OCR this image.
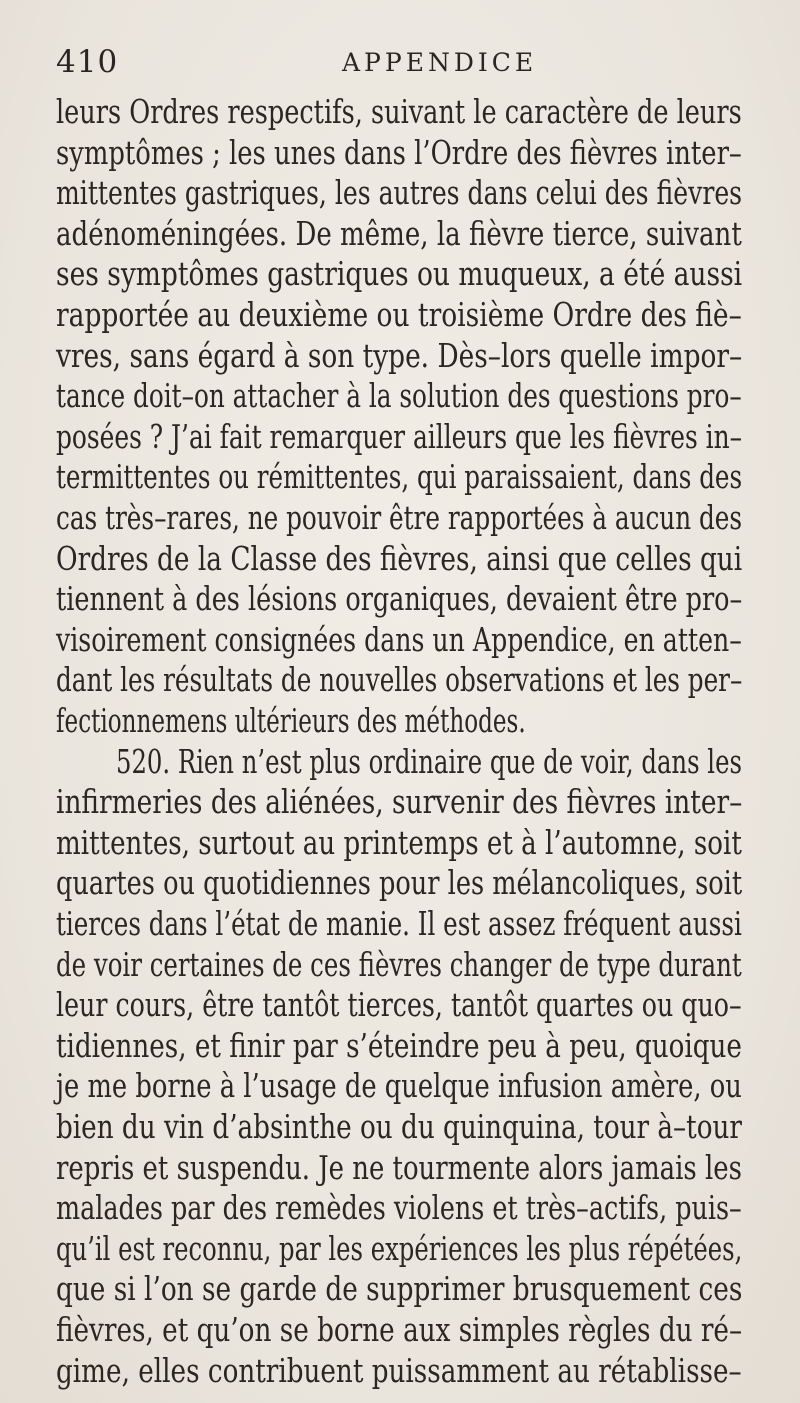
410	APPENDICE
leurs Ordres respectifs, suivant le caractère de leurs
symptômes ; les unes dans l’Ordre des fièvres inter–
mittentes gastriques, les autres dans celui des fièvres
adénoméningées. De même, la fièvre tierce, suivant
ses symptômes gastriques ou muqueux, a été aussi
rapportée au deuxième ou troisième Ordre des fiè–
vres, sans égard à son type. Dès–lors quelle impor–
tance doit–on attacher à la solution des questions pro–
posées ? J’ai fait remarquer ailleurs que les fièvres in–
termittentes ou rémittentes, qui paraissaient, dans des
cas très–rares, ne pouvoir être rapportées à aucun des
Ordres de la Classe des fièvres, ainsi que celles qui
tiennent à des lésions organiques, devaient être pro–
visoirement consignées dans un Appendice, en atten–
dant les résultats de nouvelles observations et les per–
fectionnemens ultérieurs des méthodes.
520. Rien n’est plus ordinaire que de voir, dans les
infirmeries des aliénées, survenir des fièvres inter–
mittentes, surtout au printemps et à l’automne, soit
quartes ou quotidiennes pour les mélancoliques, soit
tierces dans l’état de manie. Il est assez fréquent aussi
de voir certaines de ces fièvres changer de type durant
leur cours, être tantôt tierces, tantôt quartes ou quo–
tidiennes, et finir par s’éteindre peu à peu, quoique
je me borne à l’usage de quelque infusion amère, ou
bien du vin d’absinthe ou du quinquina, tour à–tour
repris et suspendu. Je ne tourmente alors jamais les
malades par des remèdes violens et très–actifs, puis–
qu’il est reconnu, par les expériences les plus répétées,
que si l’on se garde de supprimer brusquement ces
fièvres, et qu’on se borne aux simples règles du ré–
gime, elles contribuent puissamment au rétablisse–
